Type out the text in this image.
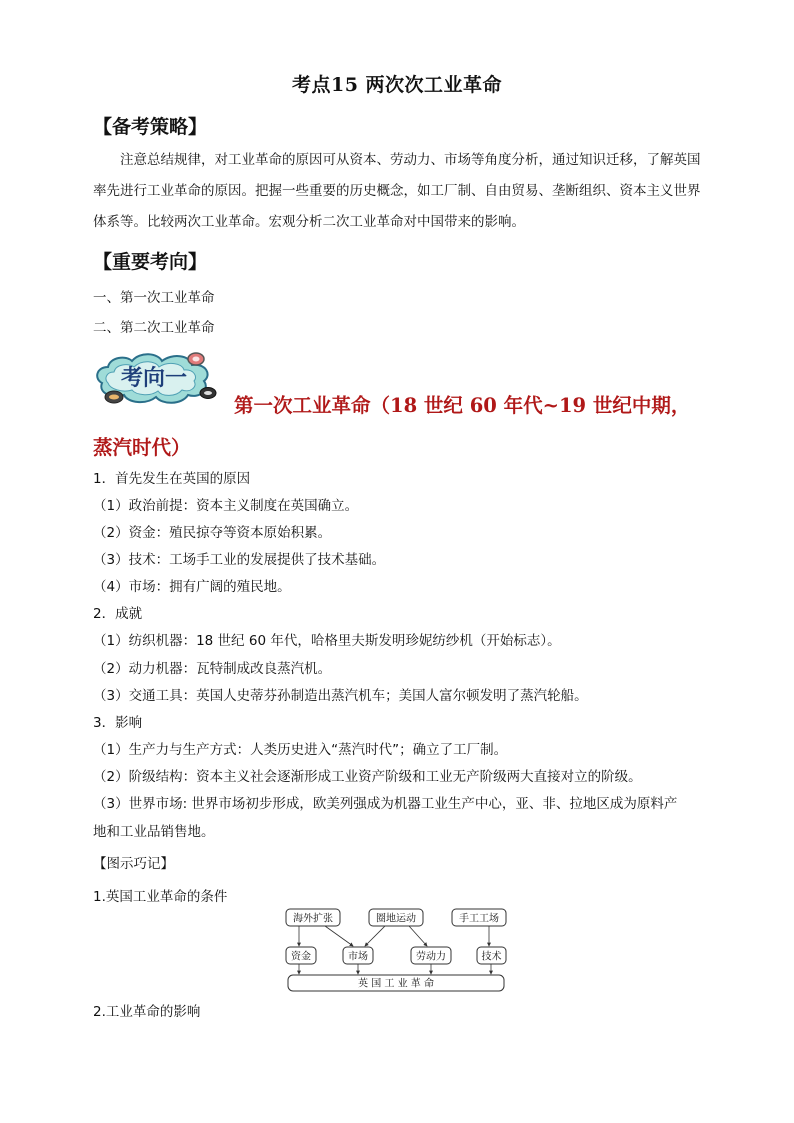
考点15 两次次工业革命
【备考策略】
注意总结规律，对工业革命的原因可从资本、劳动力、市场等角度分析，通过知识迁移，了解英国率先进行工业革命的原因。把握一些重要的历史概念，如工厂制、自由贸易、垄断组织、资本主义世界体系等。比较两次工业革命。宏观分析二次工业革命对中国带来的影响。
【重要考向】
一、第一次工业革命
二、第二次工业革命
考向一
第一次工业革命（18 世纪 60 年代~19 世纪中期，
蒸汽时代）
1．首先发生在英国的原因
（1）政治前提：资本主义制度在英国确立。
（2）资金：殖民掠夺等资本原始积累。
（3）技术：工场手工业的发展提供了技术基础。
（4）市场：拥有广阔的殖民地。
2．成就
（1）纺织机器：18 世纪 60 年代，哈格里夫斯发明珍妮纺纱机（开始标志）。
（2）动力机器：瓦特制成改良蒸汽机。
（3）交通工具：英国人史蒂芬孙制造出蒸汽机车；美国人富尔顿发明了蒸汽轮船。
3．影响
（1）生产力与生产方式：人类历史进入“蒸汽时代”；确立了工厂制。
（2）阶级结构：资本主义社会逐渐形成工业资产阶级和工业无产阶级两大直接对立的阶级。
（3）世界市场: 世界市场初步形成，欧美列强成为机器工业生产中心，亚、非、拉地区成为原料产
地和工业品销售地。
【图示巧记】
1.英国工业革命的条件
海外扩张	圈地运动	手工工场
资金	市场	劳动力	技术
英 国 工 业 革 命
2.工业革命的影响
